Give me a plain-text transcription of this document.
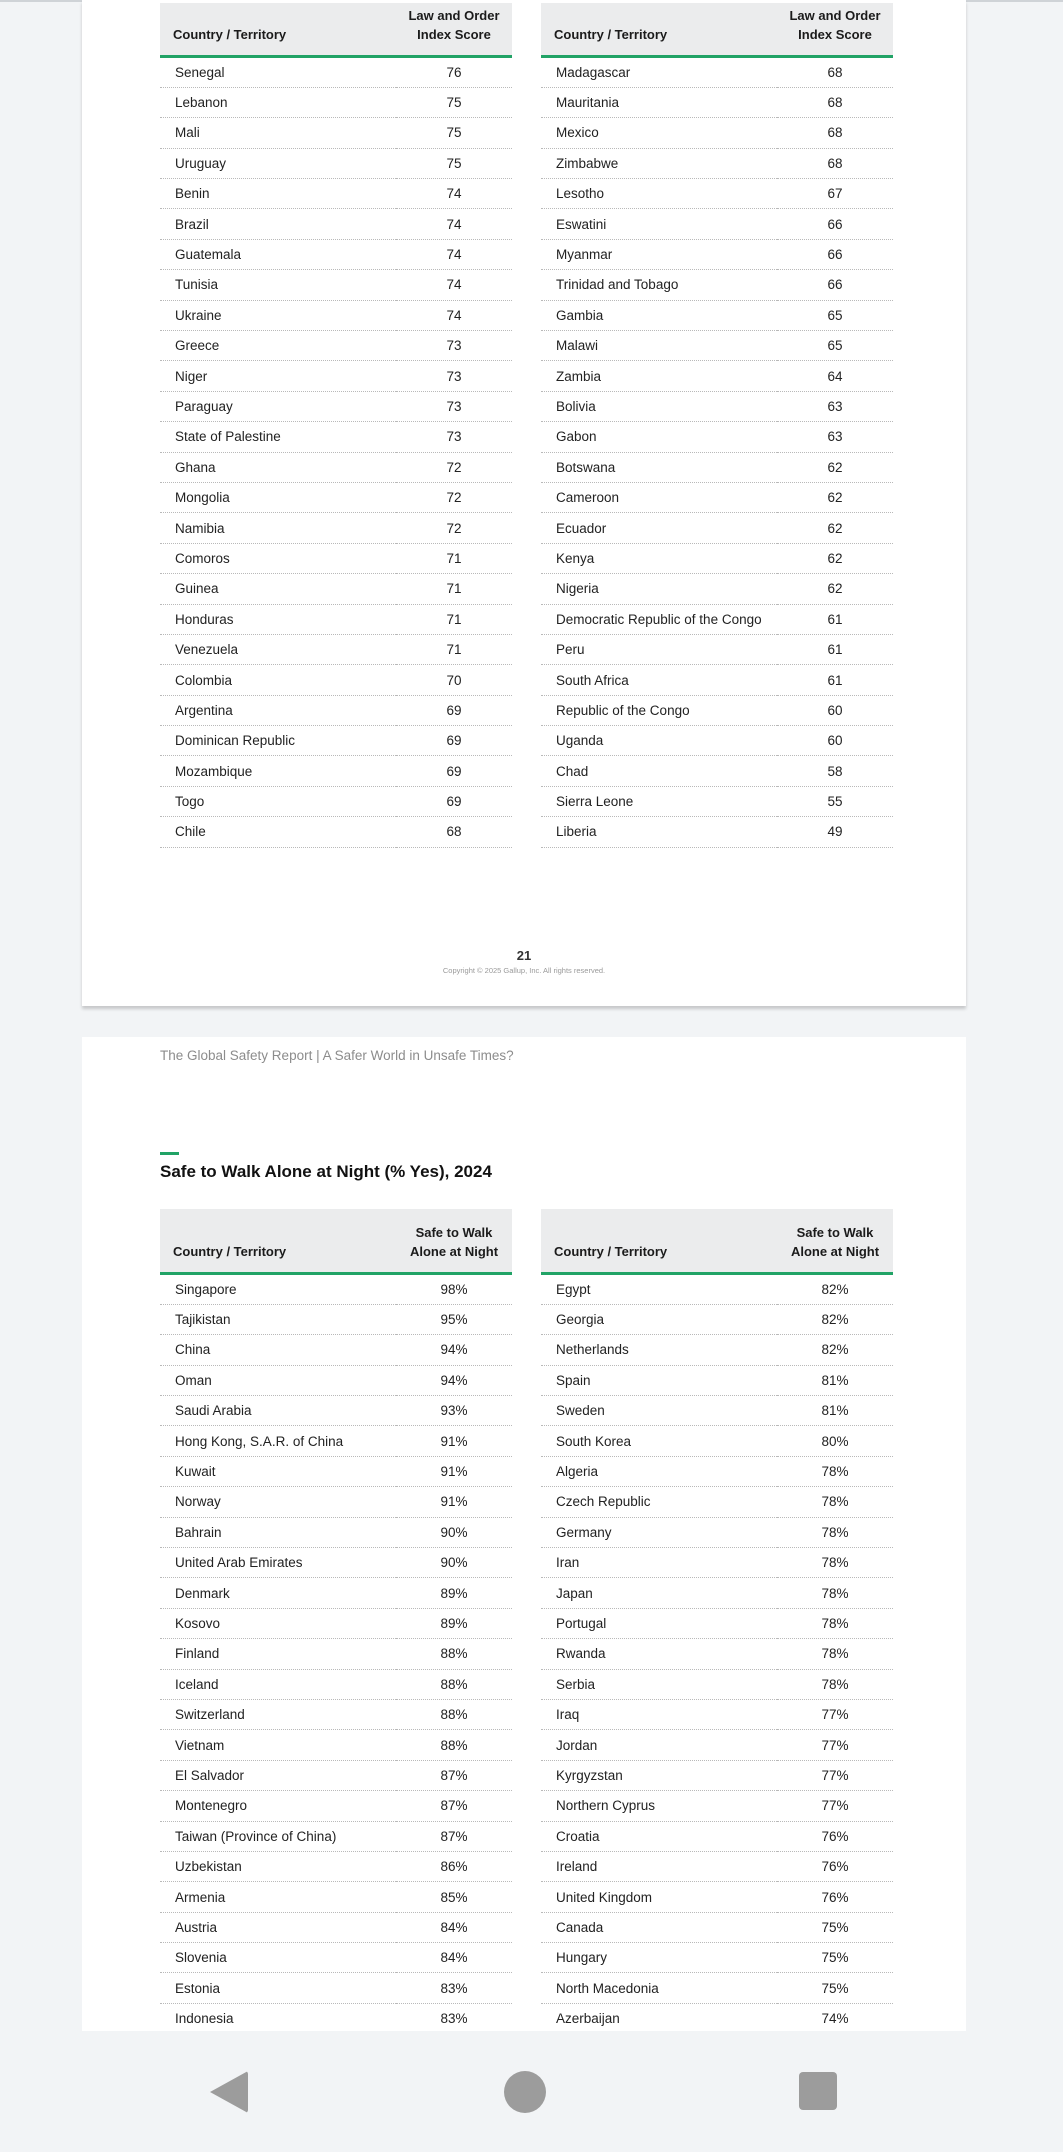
Country / Territory	Law and Order Index Score
Senegal	76
Lebanon	75
Mali	75
Uruguay	75
Benin	74
Brazil	74
Guatemala	74
Tunisia	74
Ukraine	74
Greece	73
Niger	73
Paraguay	73
State of Palestine	73
Ghana	72
Mongolia	72
Namibia	72
Comoros	71
Guinea	71
Honduras	71
Venezuela	71
Colombia	70
Argentina	69
Dominican Republic	69
Mozambique	69
Togo	69
Chile	68
Country / Territory	Law and Order Index Score
Madagascar	68
Mauritania	68
Mexico	68
Zimbabwe	68
Lesotho	67
Eswatini	66
Myanmar	66
Trinidad and Tobago	66
Gambia	65
Malawi	65
Zambia	64
Bolivia	63
Gabon	63
Botswana	62
Cameroon	62
Ecuador	62
Kenya	62
Nigeria	62
Democratic Republic of the Congo	61
Peru	61
South Africa	61
Republic of the Congo	60
Uganda	60
Chad	58
Sierra Leone	55
Liberia	49
21
Copyright © 2025 Gallup, Inc. All rights reserved.
The Global Safety Report | A Safer World in Unsafe Times?
Safe to Walk Alone at Night (% Yes), 2024
Country / Territory	Safe to Walk Alone at Night
Singapore	98%
Tajikistan	95%
China	94%
Oman	94%
Saudi Arabia	93%
Hong Kong, S.A.R. of China	91%
Kuwait	91%
Norway	91%
Bahrain	90%
United Arab Emirates	90%
Denmark	89%
Kosovo	89%
Finland	88%
Iceland	88%
Switzerland	88%
Vietnam	88%
El Salvador	87%
Montenegro	87%
Taiwan (Province of China)	87%
Uzbekistan	86%
Armenia	85%
Austria	84%
Slovenia	84%
Estonia	83%
Indonesia	83%
Country / Territory	Safe to Walk Alone at Night
Egypt	82%
Georgia	82%
Netherlands	82%
Spain	81%
Sweden	81%
South Korea	80%
Algeria	78%
Czech Republic	78%
Germany	78%
Iran	78%
Japan	78%
Portugal	78%
Rwanda	78%
Serbia	78%
Iraq	77%
Jordan	77%
Kyrgyzstan	77%
Northern Cyprus	77%
Croatia	76%
Ireland	76%
United Kingdom	76%
Canada	75%
Hungary	75%
North Macedonia	75%
Azerbaijan	74%
